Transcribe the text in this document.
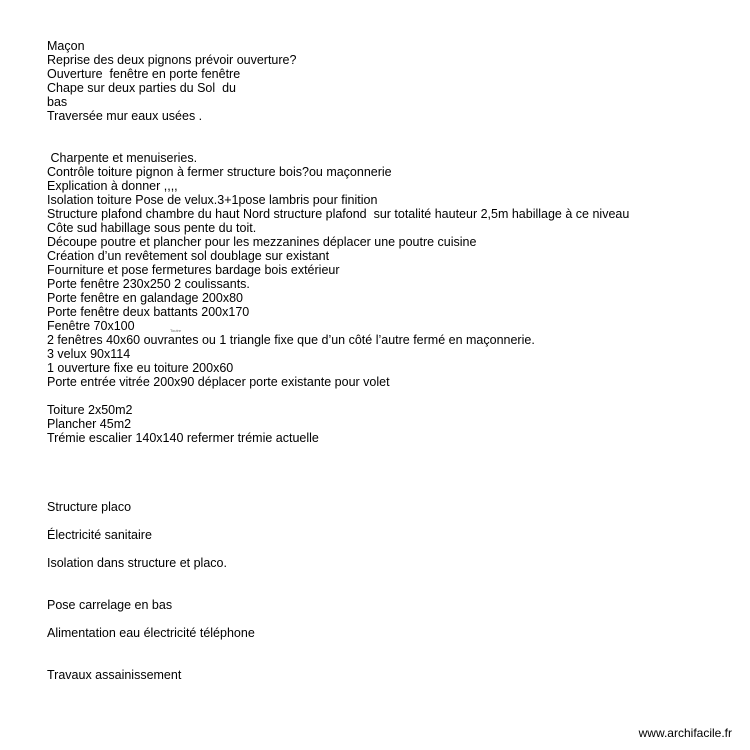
Maçon
Reprise des deux pignons prévoir ouverture?
Ouverture  fenêtre en porte fenêtre
Chape sur deux parties du Sol  du
bas
Traversée mur eaux usées .
Charpente et menuiseries.
Contrôle toiture pignon à fermer structure bois?ou maçonnerie
Explication à donner ,,,,
Isolation toiture Pose de velux.3+1pose lambris pour finition
Structure plafond chambre du haut Nord structure plafond  sur totalité hauteur 2,5m habillage à ce niveau
Côte sud habillage sous pente du toit.
Découpe poutre et plancher pour les mezzanines déplacer une poutre cuisine
Création d’un revêtement sol doublage sur existant
Fourniture et pose fermetures bardage bois extérieur
Porte fenêtre 230x250 2 coulissants.
Porte fenêtre en galandage 200x80
Porte fenêtre deux battants 200x170
Fenêtre 70x100
2 fenêtres 40x60 ouvrantes ou 1 triangle fixe que d’un côté l’autre fermé en maçonnerie.
3 velux 90x114
1 ouverture fixe eu toiture 200x60
Porte entrée vitrée 200x90 déplacer porte existante pour volet
Toiture 2x50m2
Plancher 45m2
Trémie escalier 140x140 refermer trémie actuelle
Structure placo
Électricité sanitaire
Isolation dans structure et placo.
Pose carrelage en bas
Alimentation eau électricité téléphone
Travaux assainissement
Toutre
www.archifacile.fr
